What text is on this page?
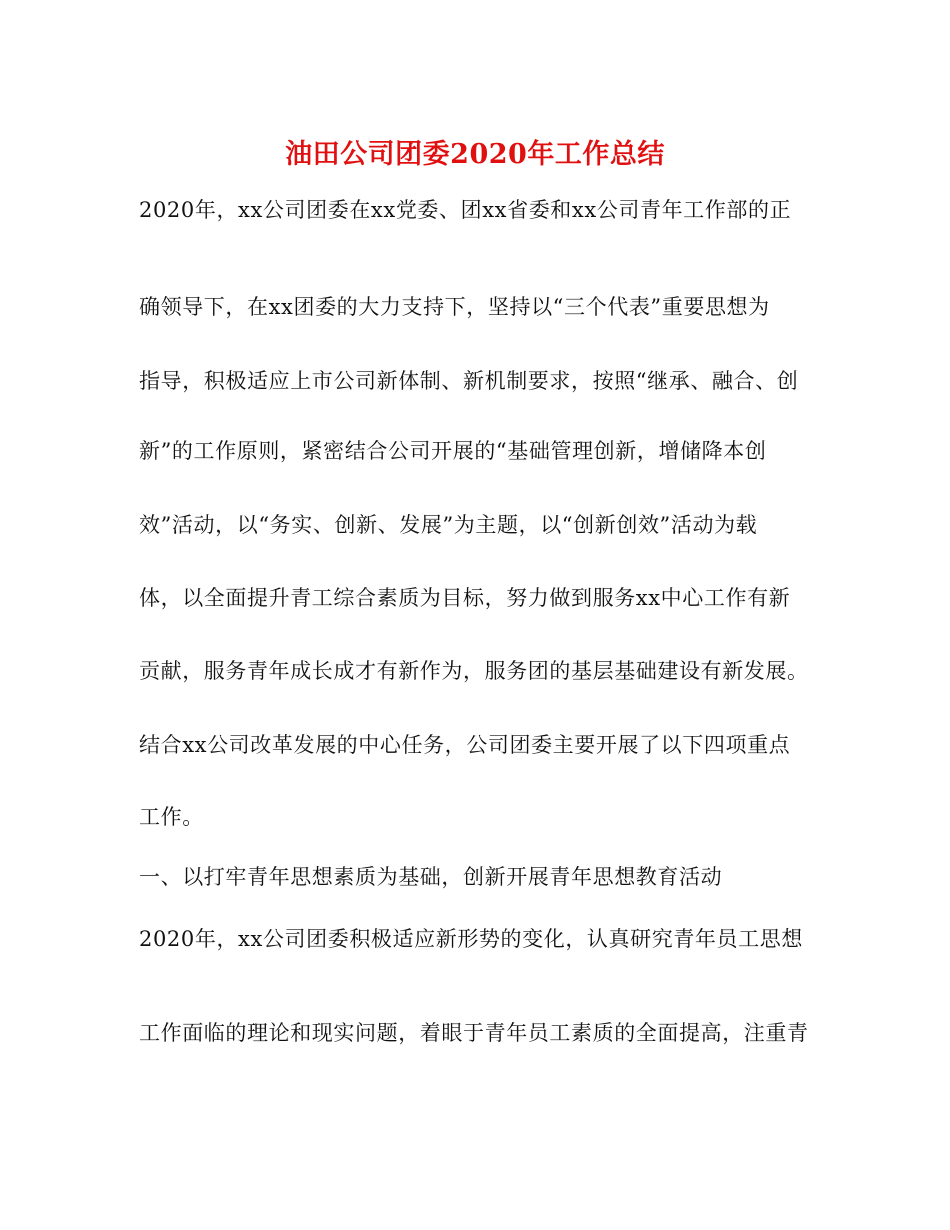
油田公司团委2020年工作总结
2020年，xx公司团委在xx党委、团xx省委和xx公司青年工作部的正
确领导下，在xx团委的大力支持下，坚持以“三个代表”重要思想为
指导，积极适应上市公司新体制、新机制要求，按照“继承、融合、创
新”的工作原则，紧密结合公司开展的“基础管理创新，增储降本创
效”活动，以“务实、创新、发展”为主题，以“创新创效”活动为载
体，以全面提升青工综合素质为目标，努力做到服务xx中心工作有新
贡献，服务青年成长成才有新作为，服务团的基层基础建设有新发展。
结合xx公司改革发展的中心任务，公司团委主要开展了以下四项重点
工作。
一、以打牢青年思想素质为基础，创新开展青年思想教育活动
2020年，xx公司团委积极适应新形势的变化，认真研究青年员工思想
工作面临的理论和现实问题，着眼于青年员工素质的全面提高，注重青
